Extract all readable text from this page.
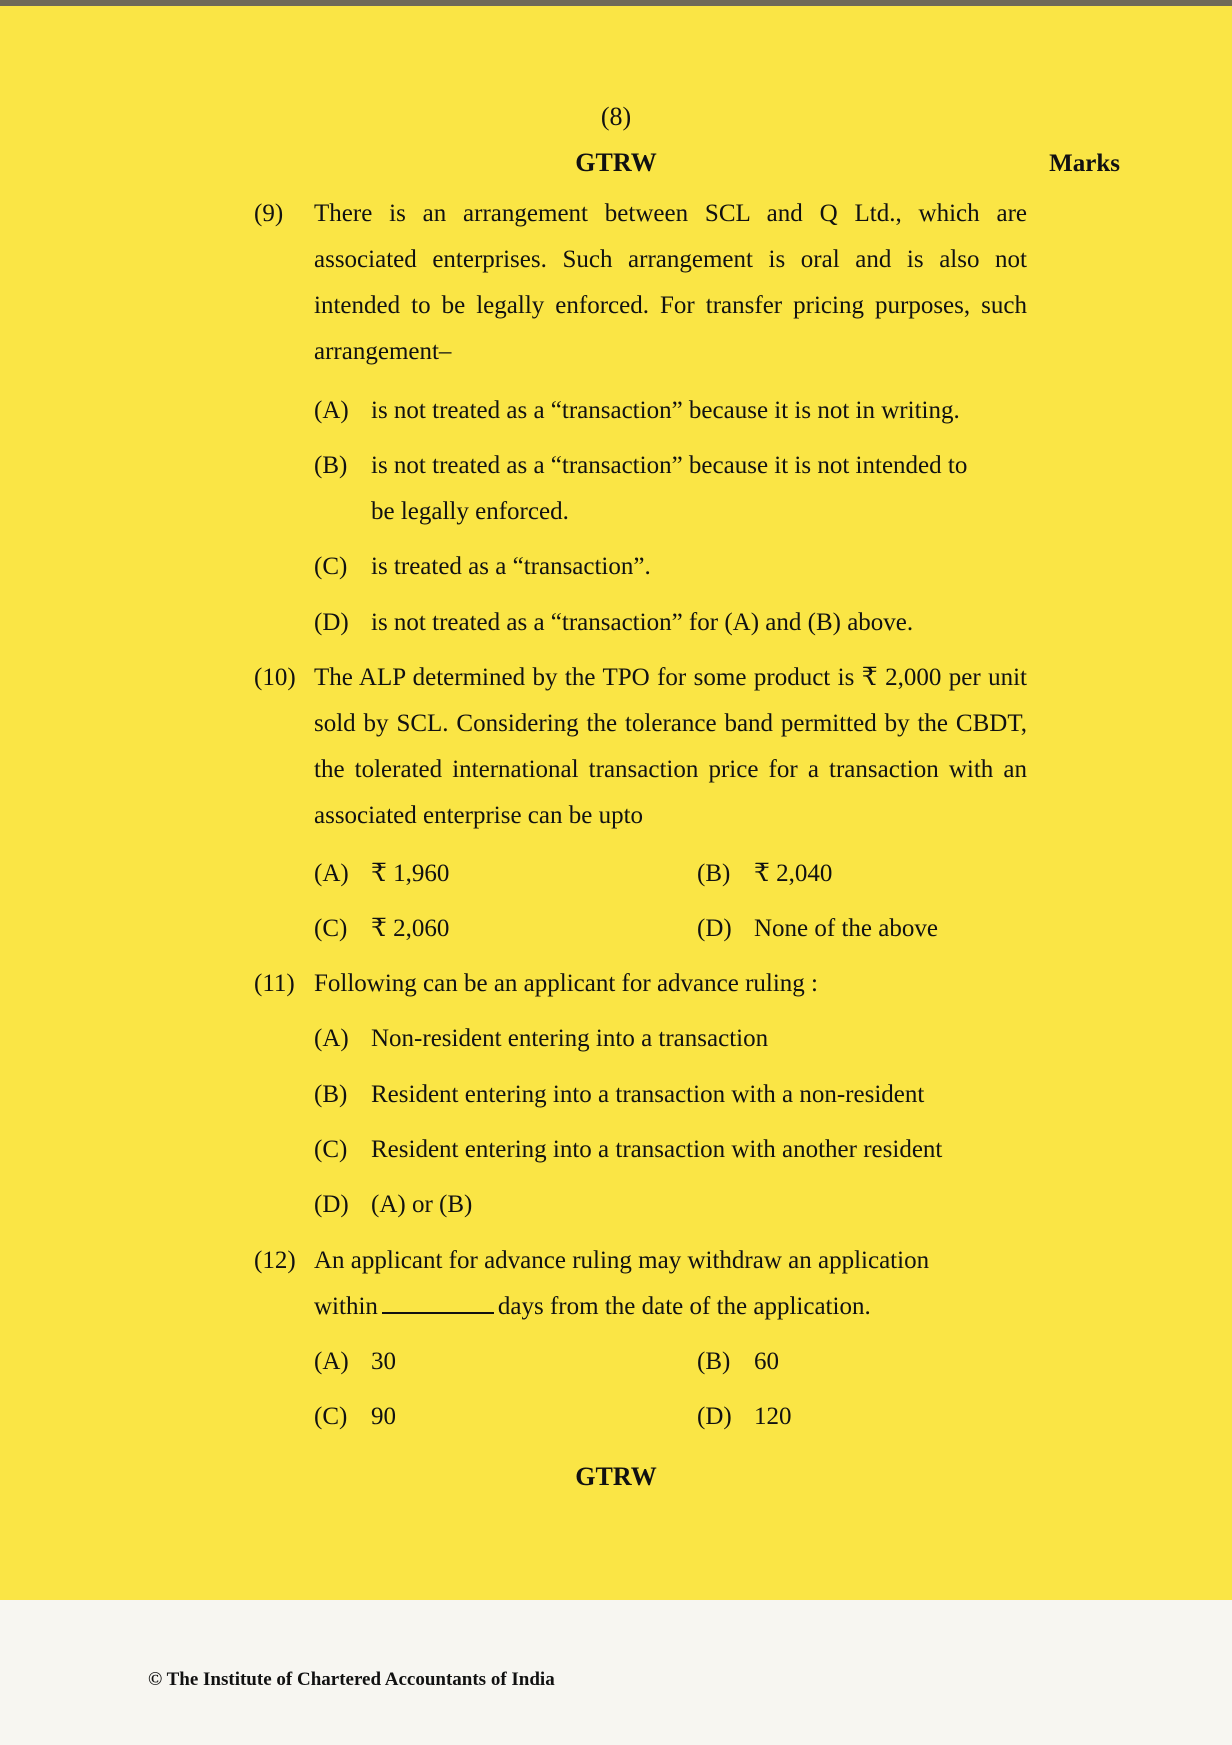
(8)
GTRW	Marks
(9) There is an arrangement between SCL and Q Ltd., which are associated enterprises. Such arrangement is oral and is also not intended to be legally enforced. For transfer pricing purposes, such arrangement–
(A) is not treated as a “transaction” because it is not in writing.
(B) is not treated as a “transaction” because it is not intended to
be legally enforced.
(C) is treated as a “transaction”.
(D) is not treated as a “transaction” for (A) and (B) above.
(10) The ALP determined by the TPO for some product is ₹ 2,000 per unit sold by SCL. Considering the tolerance band permitted by the CBDT, the tolerated international transaction price for a transaction with an associated enterprise can be upto
(A) ₹ 1,960	(B) ₹ 2,040
(C) ₹ 2,060	(D) None of the above
(11) Following can be an applicant for advance ruling :
(A) Non-resident entering into a transaction
(B) Resident entering into a transaction with a non-resident
(C) Resident entering into a transaction with another resident
(D) (A) or (B)
(12) An applicant for advance ruling may withdraw an application
within	days from the date of the application.
(A) 30	(B) 60
(C) 90	(D) 120
GTRW
© The Institute of Chartered Accountants of India
